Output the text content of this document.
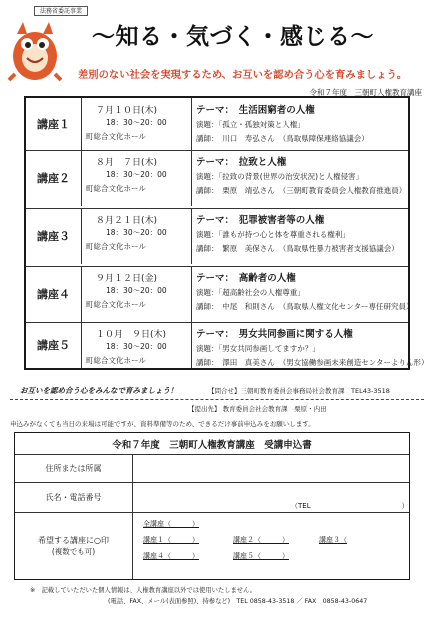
法務省委託事業
〜知る・気づく・感じる〜
差別のない社会を実現するため、お互いを認め合う心を育みましょう。
令和７年度　三朝町人権教育講座
講座１
７月１０日(木)
18：30～20：00
町総合文化ホール
テーマ：　生活困窮者の人権
演題：「孤立・孤独対策と人権」
講師：　川口　寿弘さん （鳥取県障保連絡協議会）
講座２
８月　７日(木)
18：30～20：00
町総合文化ホール
テーマ：　拉致と人権
演題：「拉致の背景(世界の治安状況)と人権侵害」
講師：　栗原　靖弘さん （三朝町教育委員会人権教育推進員）
講座３
８月２１日(木)
18：30～20：00
町総合文化ホール
テーマ：　犯罪被害者等の人権
演題：「誰もが持つ心と体を尊重される権利」
講師：　繁原　美保さん （鳥取県性暴力被害者支援協議会）
講座４
９月１２日(金)
18：30～20：00
町総合文化ホール
テーマ：　高齢者の人権
演題：「超高齢社会の人権尊重」
講師：　中尾　和則さん （鳥取県人権文化センター専任研究員）
講座５
１０月　９日(木)
18：30～20：00
町総合文化ホール
テーマ：　男女共同参画に関する人権
演題：「男女共同参画してますか？」
講師：　澤田　真美さん （男女協働参画未来創造センターよりん形）
お互いを認め合う心をみんなで育みましょう！	【問合せ】三朝町教育委員会事務局社会教育課　TEL43-3518
【提出先】 教育委員会社会教育課　栗原・内田
申込みがなくても当日の来場は可能ですが、資料準備等のため、できるだけ事前申込みをお願いします。
令和７年度　三朝町人権教育講座　受講申込書
住所または所属
氏名・電話番号
（TEL　　　　　　　　　　　　　）
希望する講座に○印
(複数でも可)
全講座（　　　）
講座１（　　　）	講座２（　　　）	講座３（
講座４（　　　）	講座５（　　　）
※　記載していただいた個人情報は、人権教育講座以外では使用いたしません。
(電話、FAX、メール(表面参照)、持参など)　TEL 0858-43-3518 ／ FAX　0858-43-0647
